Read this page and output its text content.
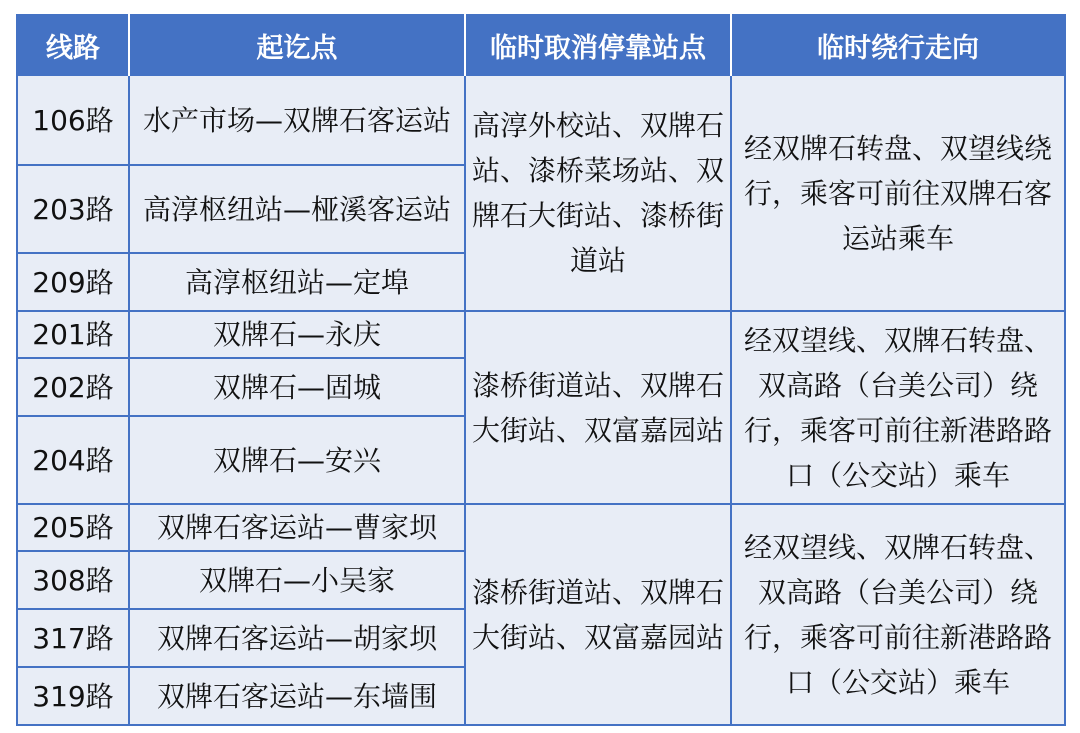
线路	起讫点	临时取消停靠站点	临时绕行走向
106路	水产市场—双牌石客运站	高淳外校站、双牌石站、漆桥菜场站、双牌石大街站、漆桥街道站	经双牌石转盘、双望线绕行，乘客可前往双牌石客运站乘车
203路	高淳枢纽站—桠溪客运站		
209路	高淳枢纽站—定埠		
201路	双牌石—永庆	漆桥街道站、双牌石大街站、双富嘉园站	经双望线、双牌石转盘、双高路（台美公司）绕行，乘客可前往新港路路口（公交站）乘车
202路	双牌石—固城		
204路	双牌石—安兴		
205路	双牌石客运站—曹家坝	漆桥街道站、双牌石大街站、双富嘉园站	经双望线、双牌石转盘、双高路（台美公司）绕行，乘客可前往新港路路口（公交站）乘车
308路	双牌石—小吴家		
317路	双牌石客运站—胡家坝		
319路	双牌石客运站—东墙围		
